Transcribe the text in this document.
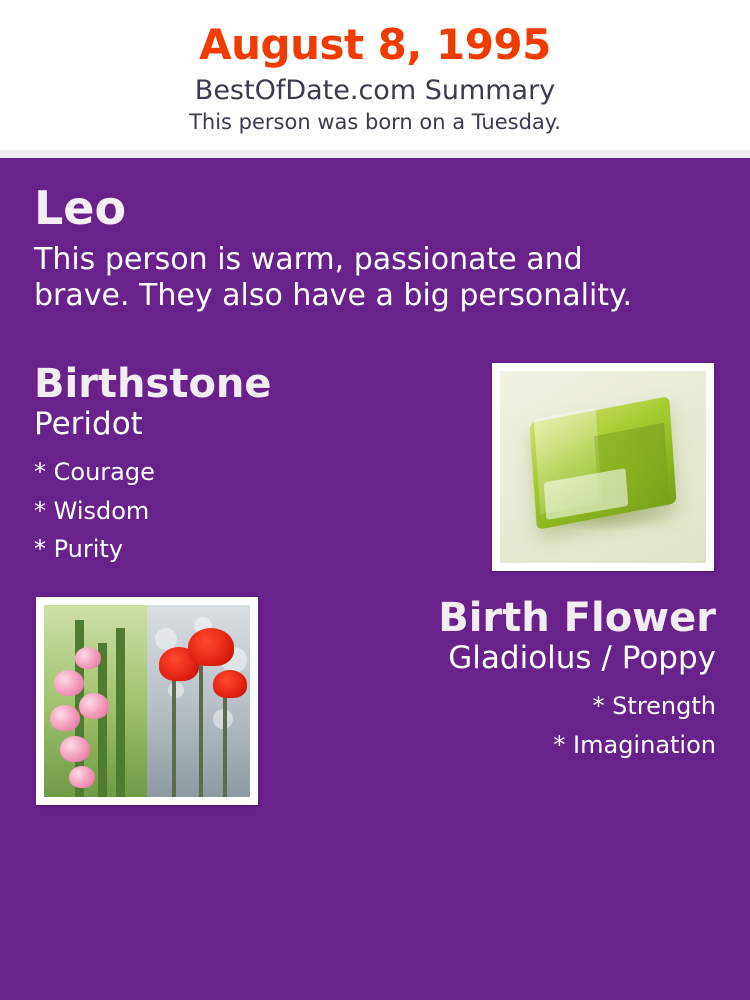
August 8, 1995
BestOfDate.com Summary
This person was born on a Tuesday.
Leo
This person is warm, passionate and brave. They also have a big personality.
Birthstone
Peridot
* Courage
* Wisdom
* Purity
Birth Flower
Gladiolus / Poppy
* Strength
* Imagination
